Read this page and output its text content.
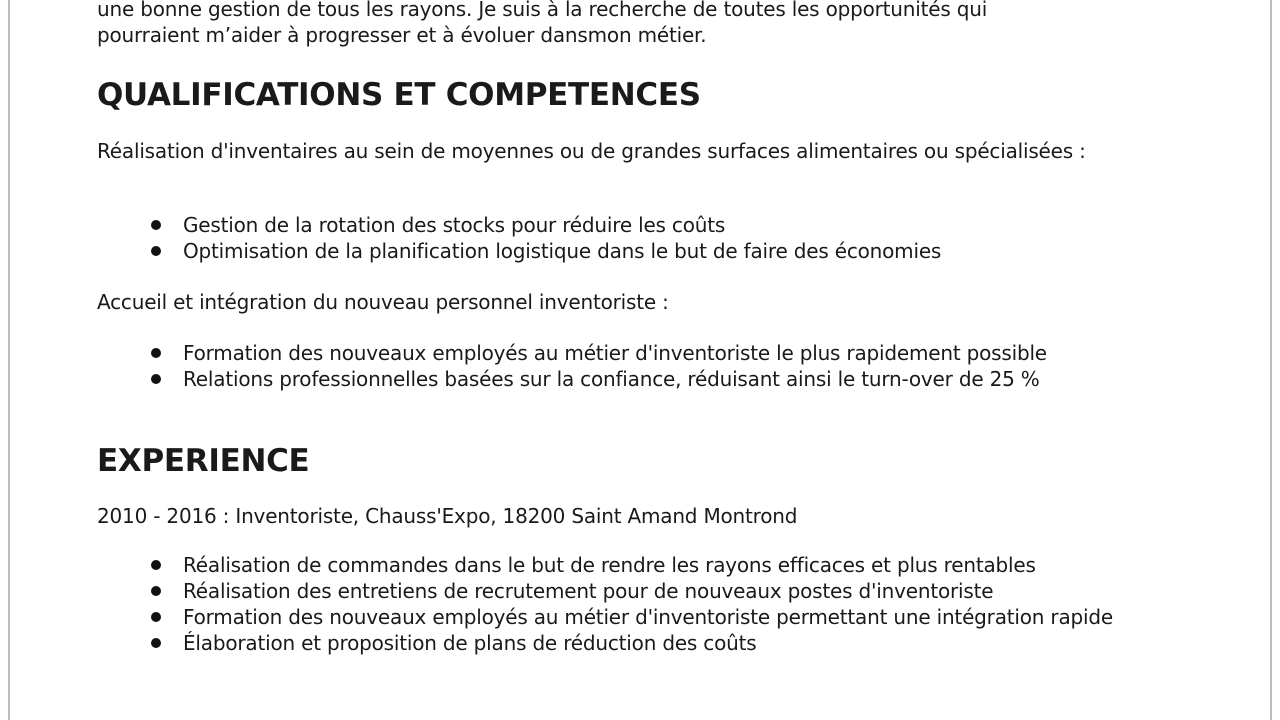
une bonne gestion de tous les rayons. Je suis à la recherche de toutes les opportunités qui
pourraient m’aider à progresser et à évoluer dansmon métier.
QUALIFICATIONS ET COMPETENCES
Réalisation d'inventaires au sein de moyennes ou de grandes surfaces alimentaires ou spécialisées :
Gestion de la rotation des stocks pour réduire les coûts
Optimisation de la planification logistique dans le but de faire des économies
Accueil et intégration du nouveau personnel inventoriste :
Formation des nouveaux employés au métier d'inventoriste le plus rapidement possible
Relations professionnelles basées sur la confiance, réduisant ainsi le turn-over de 25 %
EXPERIENCE
2010 - 2016 : Inventoriste, Chauss'Expo, 18200 Saint Amand Montrond
Réalisation de commandes dans le but de rendre les rayons efficaces et plus rentables
Réalisation des entretiens de recrutement pour de nouveaux postes d'inventoriste
Formation des nouveaux employés au métier d'inventoriste permettant une intégration rapide
Élaboration et proposition de plans de réduction des coûts
